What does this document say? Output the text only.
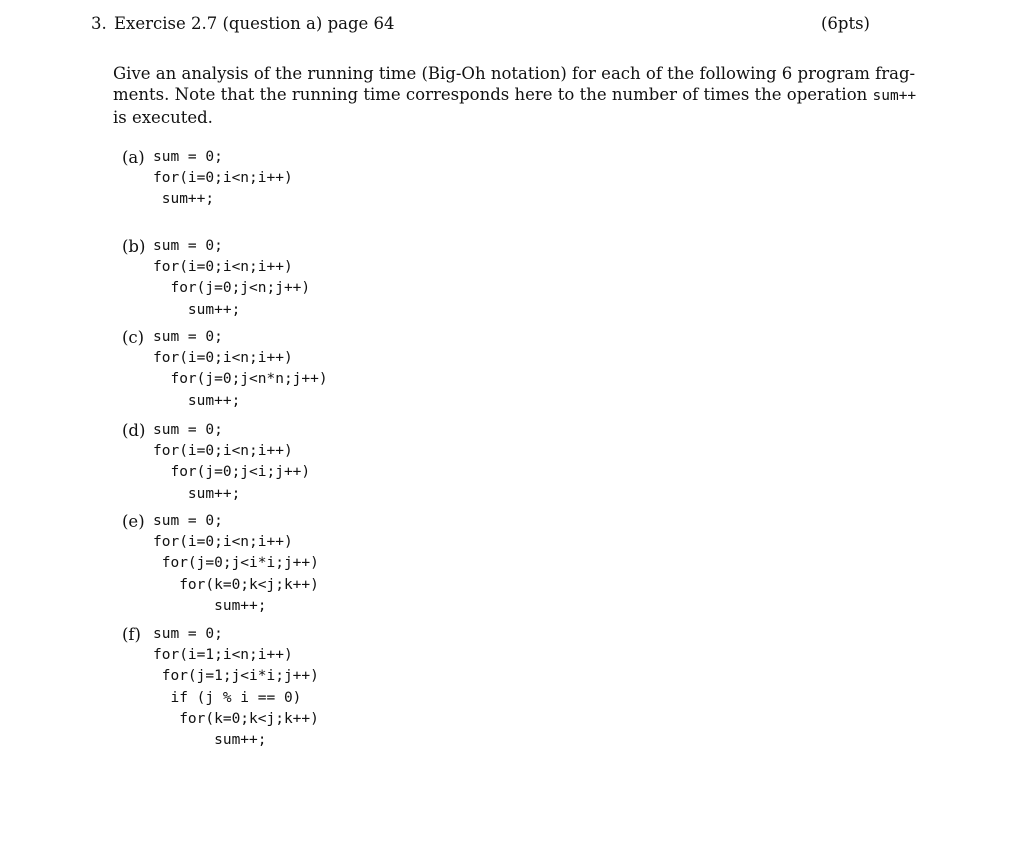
3. Exercise 2.7 (question a) page 64	(6pts)
Give an analysis of the running time (Big-Oh notation) for each of the following 6 program frag-
ments. Note that the running time corresponds here to the number of times the operation sum++
is executed.
(a) sum = 0;
for(i=0;i<n;i++)
sum++;
(b) sum = 0;
for(i=0;i<n;i++)
for(j=0;j<n;j++)
sum++;
(c) sum = 0;
for(i=0;i<n;i++)
for(j=0;j<n*n;j++)
sum++;
(d) sum = 0;
for(i=0;i<n;i++)
for(j=0;j<i;j++)
sum++;
(e) sum = 0;
for(i=0;i<n;i++)
for(j=0;j<i*i;j++)
for(k=0;k<j;k++)
sum++;
(f) sum = 0;
for(i=1;i<n;i++)
for(j=1;j<i*i;j++)
if (j % i == 0)
for(k=0;k<j;k++)
sum++;
